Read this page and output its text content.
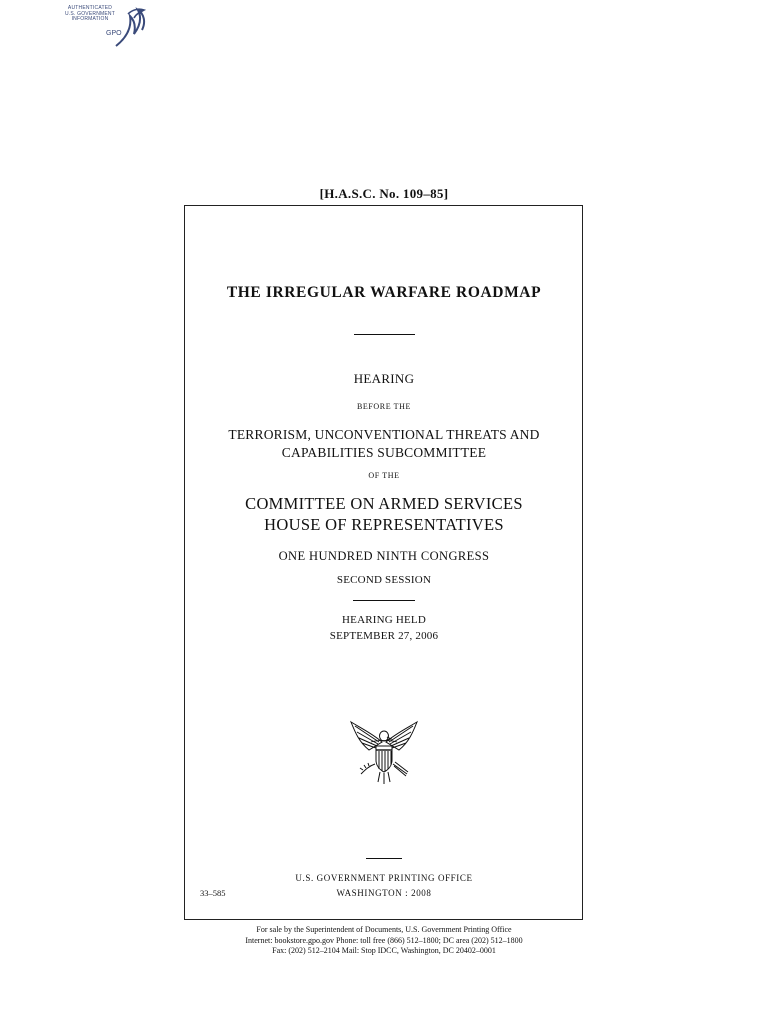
AUTHENTICATED
U.S. GOVERNMENT
INFORMATION
GPO
[H.A.S.C. No. 109–85]
THE IRREGULAR WARFARE ROADMAP
HEARING
BEFORE THE
TERRORISM, UNCONVENTIONAL THREATS AND
CAPABILITIES SUBCOMMITTEE
OF THE
COMMITTEE ON ARMED SERVICES
HOUSE OF REPRESENTATIVES
ONE HUNDRED NINTH CONGRESS
SECOND SESSION
HEARING HELD
SEPTEMBER 27, 2006
U.S. GOVERNMENT PRINTING OFFICE
33–585	WASHINGTON : 2008
For sale by the Superintendent of Documents, U.S. Government Printing Office
Internet: bookstore.gpo.gov Phone: toll free (866) 512–1800; DC area (202) 512–1800
Fax: (202) 512–2104 Mail: Stop IDCC, Washington, DC 20402–0001
